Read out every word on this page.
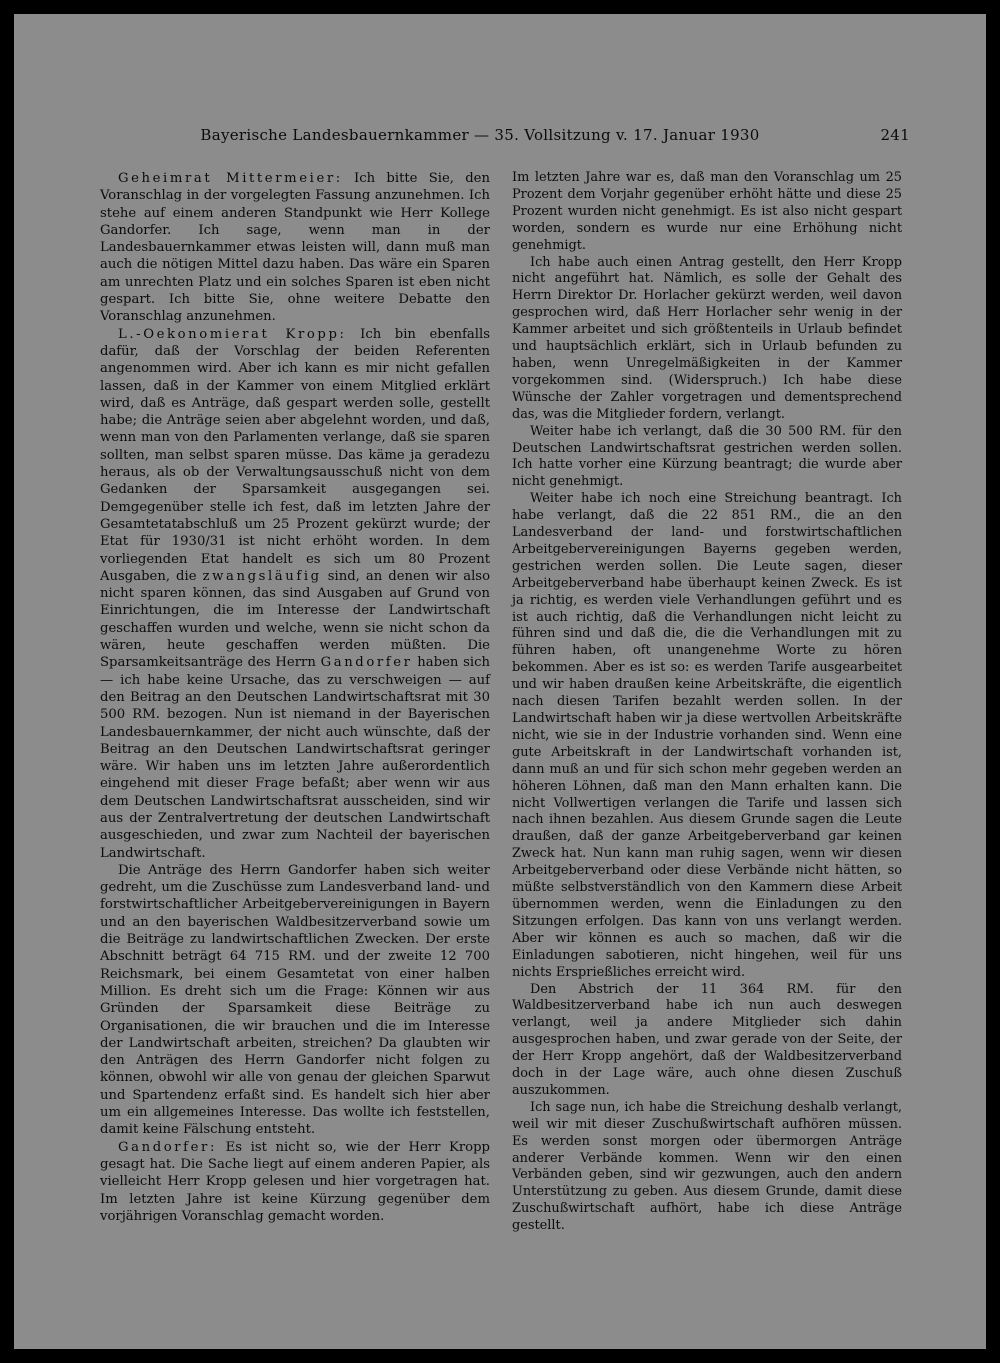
Bayerische Landesbauernkammer — 35. Vollsitzung v. 17. Januar 1930	241

Geheimrat Mittermeier: Ich bitte Sie, den Voranschlag in der vorgelegten Fassung anzunehmen. Ich stehe auf einem anderen Standpunkt wie Herr Kollege Gandorfer. Ich sage, wenn man in der Landesbauernkammer etwas leisten will, dann muß man auch die nötigen Mittel dazu haben. Das wäre ein Sparen am unrechten Platz und ein solches Sparen ist eben nicht gespart. Ich bitte Sie, ohne weitere Debatte den Voranschlag anzunehmen.

L.-Oekonomierat Kropp: Ich bin ebenfalls dafür, daß der Vorschlag der beiden Referenten angenommen wird. Aber ich kann es mir nicht gefallen lassen, daß in der Kammer von einem Mitglied erklärt wird, daß es Anträge, daß gespart werden solle, gestellt habe; die Anträge seien aber abgelehnt worden, und daß, wenn man von den Parlamenten verlange, daß sie sparen sollten, man selbst sparen müsse. Das käme ja geradezu heraus, als ob der Verwaltungsausschuß nicht von dem Gedanken der Sparsamkeit ausgegangen sei. Demgegenüber stelle ich fest, daß im letzten Jahre der Gesamtetatabschluß um 25 Prozent gekürzt wurde; der Etat für 1930/31 ist nicht erhöht worden. In dem vorliegenden Etat handelt es sich um 80 Prozent Ausgaben, die zwangsläufig sind, an denen wir also nicht sparen können, das sind Ausgaben auf Grund von Einrichtungen, die im Interesse der Landwirtschaft geschaffen wurden und welche, wenn sie nicht schon da wären, heute geschaffen werden müßten. Die Sparsamkeitsanträge des Herrn Gandorfer haben sich — ich habe keine Ursache, das zu verschweigen — auf den Beitrag an den Deutschen Landwirtschaftsrat mit 30 500 RM. bezogen. Nun ist niemand in der Bayerischen Landesbauernkammer, der nicht auch wünschte, daß der Beitrag an den Deutschen Landwirtschaftsrat geringer wäre. Wir haben uns im letzten Jahre außerordentlich eingehend mit dieser Frage befaßt; aber wenn wir aus dem Deutschen Landwirtschaftsrat ausscheiden, sind wir aus der Zentralvertretung der deutschen Landwirtschaft ausgeschieden, und zwar zum Nachteil der bayerischen Landwirtschaft.

Die Anträge des Herrn Gandorfer haben sich weiter gedreht, um die Zuschüsse zum Landesverband land- und forstwirtschaftlicher Arbeitgebervereinigungen in Bayern und an den bayerischen Waldbesitzerverband sowie um die Beiträge zu landwirtschaftlichen Zwecken. Der erste Abschnitt beträgt 64 715 RM. und der zweite 12 700 Reichsmark, bei einem Gesamtetat von einer halben Million. Es dreht sich um die Frage: Können wir aus Gründen der Sparsamkeit diese Beiträge zu Organisationen, die wir brauchen und die im Interesse der Landwirtschaft arbeiten, streichen? Da glaubten wir den Anträgen des Herrn Gandorfer nicht folgen zu können, obwohl wir alle von genau der gleichen Sparwut und Spartendenz erfaßt sind. Es handelt sich hier aber um ein allgemeines Interesse. Das wollte ich feststellen, damit keine Fälschung entsteht.

Gandorfer: Es ist nicht so, wie der Herr Kropp gesagt hat. Die Sache liegt auf einem anderen Papier, als vielleicht Herr Kropp gelesen und hier vorgetragen hat. Im letzten Jahre ist keine Kürzung gegenüber dem vorjährigen Voranschlag gemacht worden.

Im letzten Jahre war es, daß man den Voranschlag um 25 Prozent dem Vorjahr gegenüber erhöht hätte und diese 25 Prozent wurden nicht genehmigt. Es ist also nicht gespart worden, sondern es wurde nur eine Erhöhung nicht genehmigt.

Ich habe auch einen Antrag gestellt, den Herr Kropp nicht angeführt hat. Nämlich, es solle der Gehalt des Herrn Direktor Dr. Horlacher gekürzt werden, weil davon gesprochen wird, daß Herr Horlacher sehr wenig in der Kammer arbeitet und sich größtenteils in Urlaub befindet und hauptsächlich erklärt, sich in Urlaub befunden zu haben, wenn Unregelmäßigkeiten in der Kammer vorgekommen sind. (Widerspruch.) Ich habe diese Wünsche der Zahler vorgetragen und dementsprechend das, was die Mitglieder fordern, verlangt.

Weiter habe ich verlangt, daß die 30 500 RM. für den Deutschen Landwirtschaftsrat gestrichen werden sollen. Ich hatte vorher eine Kürzung beantragt; die wurde aber nicht genehmigt.

Weiter habe ich noch eine Streichung beantragt. Ich habe verlangt, daß die 22 851 RM., die an den Landesverband der land- und forstwirtschaftlichen Arbeitgebervereinigungen Bayerns gegeben werden, gestrichen werden sollen. Die Leute sagen, dieser Arbeitgeberverband habe überhaupt keinen Zweck. Es ist ja richtig, es werden viele Verhandlungen geführt und es ist auch richtig, daß die Verhandlungen nicht leicht zu führen sind und daß die, die die Verhandlungen mit zu führen haben, oft unangenehme Worte zu hören bekommen. Aber es ist so: es werden Tarife ausgearbeitet und wir haben draußen keine Arbeitskräfte, die eigentlich nach diesen Tarifen bezahlt werden sollen. In der Landwirtschaft haben wir ja diese wertvollen Arbeitskräfte nicht, wie sie in der Industrie vorhanden sind. Wenn eine gute Arbeitskraft in der Landwirtschaft vorhanden ist, dann muß an und für sich schon mehr gegeben werden an höheren Löhnen, daß man den Mann erhalten kann. Die nicht Vollwertigen verlangen die Tarife und lassen sich nach ihnen bezahlen. Aus diesem Grunde sagen die Leute draußen, daß der ganze Arbeitgeberverband gar keinen Zweck hat. Nun kann man ruhig sagen, wenn wir diesen Arbeitgeberverband oder diese Verbände nicht hätten, so müßte selbstverständlich von den Kammern diese Arbeit übernommen werden, wenn die Einladungen zu den Sitzungen erfolgen. Das kann von uns verlangt werden. Aber wir können es auch so machen, daß wir die Einladungen sabotieren, nicht hingehen, weil für uns nichts Ersprießliches erreicht wird.

Den Abstrich der 11 364 RM. für den Waldbesitzerverband habe ich nun auch deswegen verlangt, weil ja andere Mitglieder sich dahin ausgesprochen haben, und zwar gerade von der Seite, der der Herr Kropp angehört, daß der Waldbesitzerverband doch in der Lage wäre, auch ohne diesen Zuschuß auszukommen.

Ich sage nun, ich habe die Streichung deshalb verlangt, weil wir mit dieser Zuschußwirtschaft aufhören müssen. Es werden sonst morgen oder übermorgen Anträge anderer Verbände kommen. Wenn wir den einen Verbänden geben, sind wir gezwungen, auch den andern Unterstützung zu geben. Aus diesem Grunde, damit diese Zuschußwirtschaft aufhört, habe ich diese Anträge gestellt.
